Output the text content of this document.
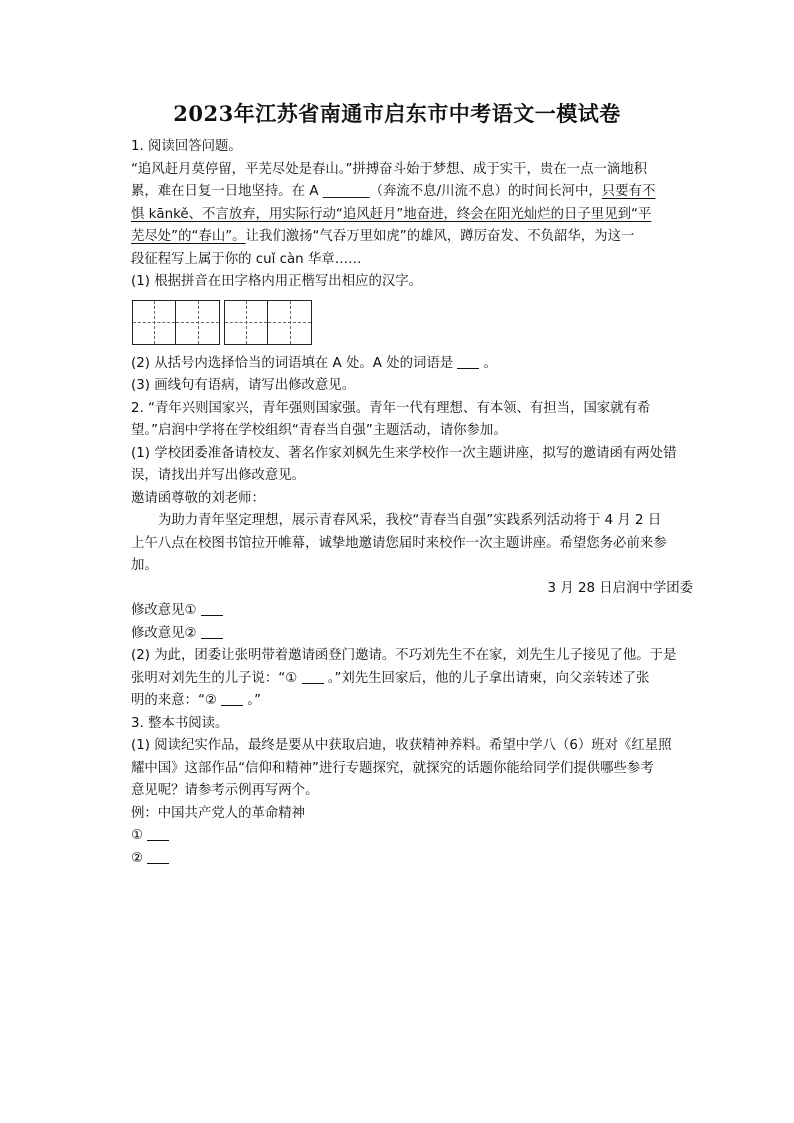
2023年江苏省南通市启东市中考语文一模试卷
1. 阅读回答问题。
“追风赶月莫停留，平芜尽处是春山。”拼搏奋斗始于梦想、成于实干，贵在一点一滴地积
累，难在日复一日地坚持。在 A _______（奔流不息/川流不息）的时间长河中，只要有不
惧 kānkě、不言放弃，用实际行动“追风赶月”地奋进，终会在阳光灿烂的日子里见到“平
芜尽处”的“春山”。让我们激扬“气吞万里如虎”的雄风，蹲厉奋发、不负韶华，为这一
段征程写上属于你的 cuǐ càn 华章……
(1) 根据拼音在田字格内用正楷写出相应的汉字。
(2) 从括号内选择恰当的词语填在 A 处。A 处的词语是  。
(3) 画线句有语病，请写出修改意见。
2. “青年兴则国家兴，青年强则国家强。青年一代有理想、有本领、有担当，国家就有希
望。”启润中学将在学校组织“青春当自强”主题活动，请你参加。
(1) 学校团委准备请校友、著名作家刘枫先生来学校作一次主题讲座，拟写的邀请函有两处错
误，请找出并写出修改意见。
邀请函尊敬的刘老师：
为助力青年坚定理想，展示青春风采，我校“青春当自强”实践系列活动将于 4 月 2 日
上午八点在校图书馆拉开帷幕，诚挚地邀请您届时来校作一次主题讲座。希望您务必前来参
加。
3 月 28 日启润中学团委
修改意见①
修改意见②
(2) 为此，团委让张明带着邀请函登门邀请。不巧刘先生不在家，刘先生儿子接见了他。于是
张明对刘先生的儿子说：“①  。”刘先生回家后，他的儿子拿出请柬，向父亲转述了张
明的来意：“②  。”
3. 整本书阅读。
(1) 阅读纪实作品，最终是要从中获取启迪，收获精神养料。希望中学八（6）班对《红星照
耀中国》这部作品“信仰和精神”进行专题探究，就探究的话题你能给同学们提供哪些参考
意见呢？请参考示例再写两个。
例：中国共产党人的革命精神
①
②
